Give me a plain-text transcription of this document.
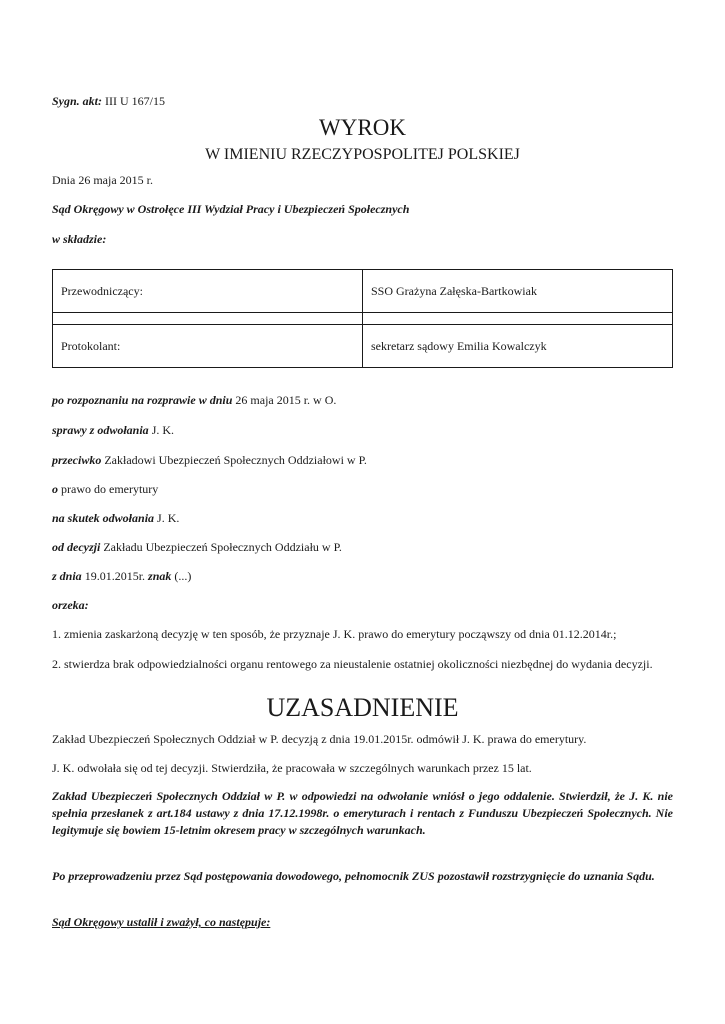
Sygn. akt: III U 167/15
WYROK
W IMIENIU RZECZYPOSPOLITEJ POLSKIEJ
Dnia 26 maja 2015 r.
Sąd Okręgowy w Ostrołęce III Wydział Pracy i Ubezpieczeń Społecznych
w składzie:
Przewodniczący:	SSO Grażyna Załęska-Bartkowiak

Protokolant:	sekretarz sądowy Emilia Kowalczyk
po rozpoznaniu na rozprawie w dniu 26 maja 2015 r. w O.
sprawy z odwołania J. K.
przeciwko Zakładowi Ubezpieczeń Społecznych Oddziałowi w P.
o prawo do emerytury
na skutek odwołania J. K.
od decyzji Zakładu Ubezpieczeń Społecznych Oddziału w P.
z dnia 19.01.2015r. znak (...)
orzeka:
1. zmienia zaskarżoną decyzję w ten sposób, że przyznaje J. K. prawo do emerytury począwszy od dnia 01.12.2014r.;
2. stwierdza brak odpowiedzialności organu rentowego za nieustalenie ostatniej okoliczności niezbędnej do wydania decyzji.
UZASADNIENIE
Zakład Ubezpieczeń Społecznych Oddział w P. decyzją z dnia 19.01.2015r. odmówił J. K. prawa do emerytury.
J. K. odwołała się od tej decyzji. Stwierdziła, że pracowała w szczególnych warunkach przez 15 lat.
Zakład Ubezpieczeń Społecznych Oddział w P. w odpowiedzi na odwołanie wniósł o jego oddalenie. Stwierdził, że J. K. nie spełnia przesłanek z art.184 ustawy z dnia 17.12.1998r. o emeryturach i rentach z Funduszu Ubezpieczeń Społecznych. Nie legitymuje się bowiem 15-letnim okresem pracy w szczególnych warunkach.
Po przeprowadzeniu przez Sąd postępowania dowodowego, pełnomocnik ZUS pozostawił rozstrzygnięcie do uznania Sądu.
Sąd Okręgowy ustalił i zważył, co następuje:
